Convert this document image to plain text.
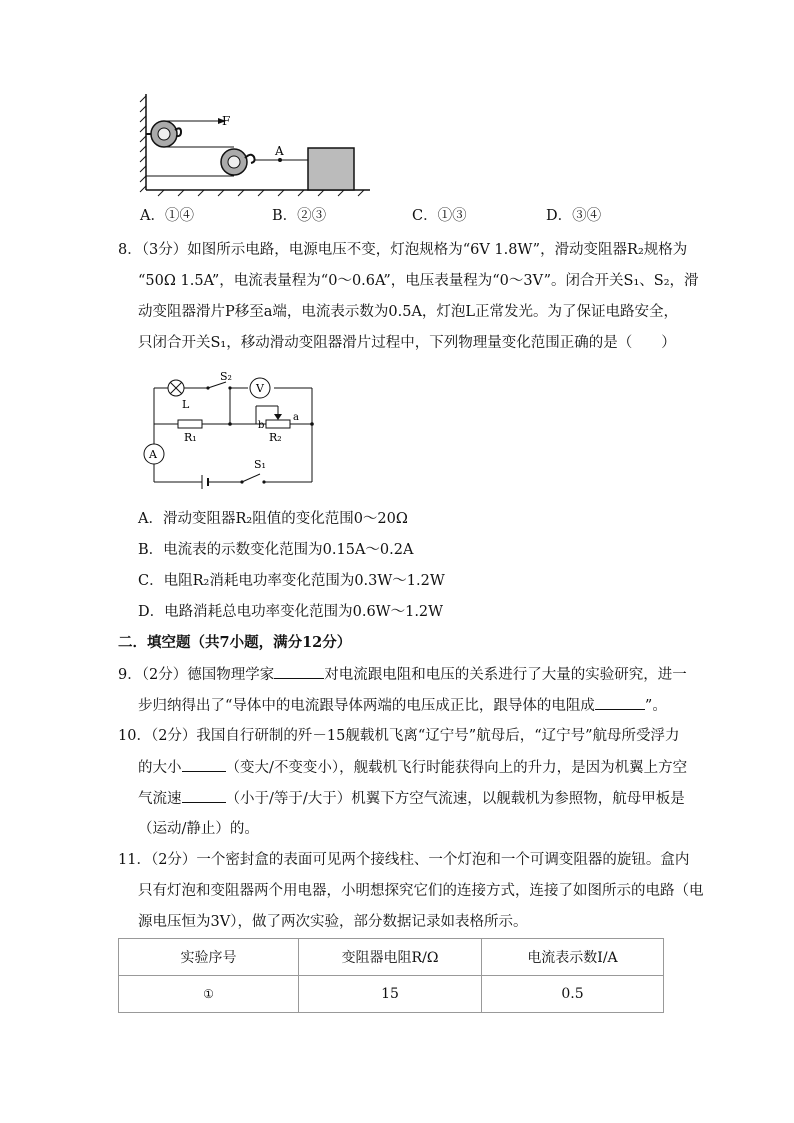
F
A
A．①④	B．②③	C．①③	D．③④
8．（3分）如图所示电路，电源电压不变，灯泡规格为“6V 1.8W”，滑动变阻器R₂规格为
“50Ω 1.5A”，电流表量程为“0～0.6A”，电压表量程为“0～3V”。闭合开关S₁、S₂，滑
动变阻器滑片P移至a端，电流表示数为0.5A，灯泡L正常发光。为了保证电路安全，
只闭合开关S₁，移动滑动变阻器滑片过程中，下列物理量变化范围正确的是（　　）
L
S₂
V
R₁
b
a
R₂
A
S₁
A．滑动变阻器R₂阻值的变化范围0～20Ω
B．电流表的示数变化范围为0.15A～0.2A
C．电阻R₂消耗电功率变化范围为0.3W～1.2W
D．电路消耗总电功率变化范围为0.6W～1.2W
二．填空题（共7小题，满分12分）
9．（2分）德国物理学家	对电流跟电阻和电压的关系进行了大量的实验研究，进一
步归纳得出了“导体中的电流跟导体两端的电压成正比，跟导体的电阻成	”。
10．（2分）我国自行研制的歼－15舰载机飞离“辽宁号”航母后，“辽宁号”航母所受浮力
的大小	（变大/不变变小），舰载机飞行时能获得向上的升力，是因为机翼上方空
气流速	（小于/等于/大于）机翼下方空气流速，以舰载机为参照物，航母甲板是
（运动/静止）的。
11．（2分）一个密封盒的表面可见两个接线柱、一个灯泡和一个可调变阻器的旋钮。盒内
只有灯泡和变阻器两个用电器，小明想探究它们的连接方式，连接了如图所示的电路（电
源电压恒为3V），做了两次实验，部分数据记录如表格所示。
实验序号	变阻器电阻R/Ω	电流表示数I/A
①	15	0.5
